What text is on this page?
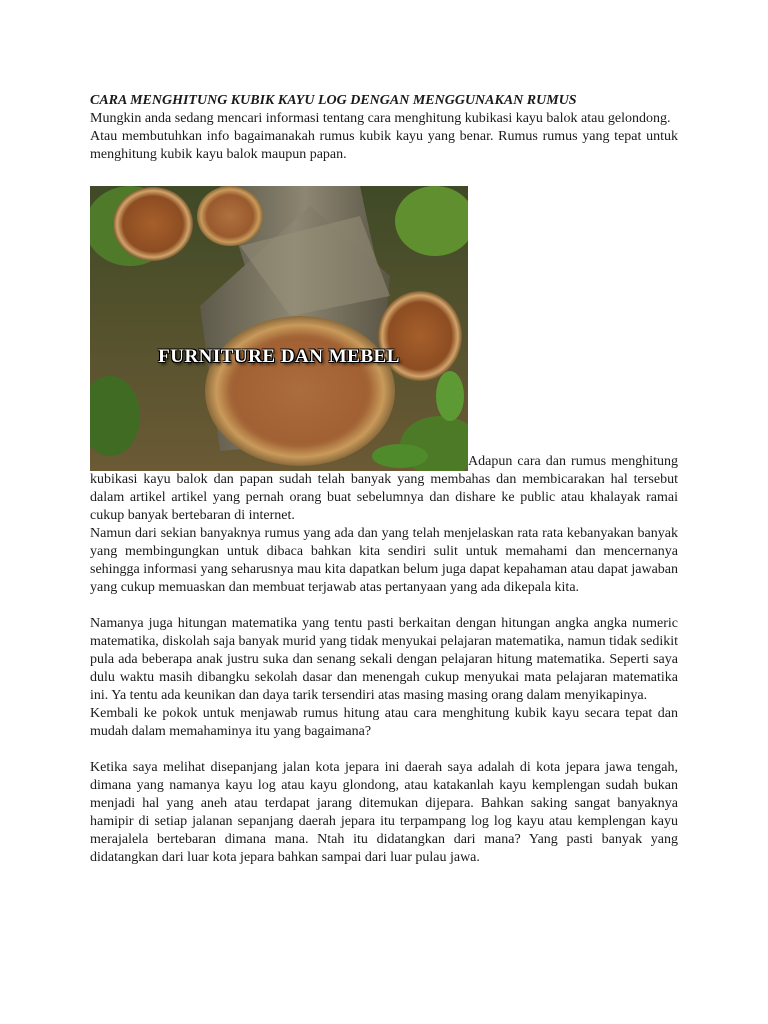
CARA MENGHITUNG KUBIK KAYU LOG DENGAN MENGGUNAKAN RUMUS

Mungkin anda sedang mencari informasi tentang cara menghitung kubikasi kayu balok atau gelondong.

Atau membutuhkan info bagaimanakah rumus kubik kayu yang benar. Rumus rumus yang tepat untuk menghitung kubik kayu balok maupun papan.

FURNITURE DAN MEBEL

Adapun cara dan rumus menghitung kubikasi kayu balok dan papan sudah telah banyak yang membahas dan membicarakan hal tersebut dalam artikel artikel yang pernah orang buat sebelumnya dan dishare ke public atau khalayak ramai cukup banyak bertebaran di internet.

Namun dari sekian banyaknya rumus yang ada dan yang telah menjelaskan rata rata kebanyakan banyak yang membingungkan untuk dibaca bahkan kita sendiri sulit untuk memahami dan mencernanya sehingga informasi yang seharusnya mau kita dapatkan belum juga dapat kepahaman atau dapat jawaban yang cukup memuaskan dan membuat terjawab atas pertanyaan yang ada dikepala kita.

Namanya juga hitungan matematika yang tentu pasti berkaitan dengan hitungan angka angka numeric matematika, diskolah saja banyak murid yang tidak menyukai pelajaran matematika, namun tidak sedikit pula ada beberapa anak justru suka dan senang sekali dengan pelajaran hitung matematika. Seperti saya dulu waktu masih dibangku sekolah dasar dan menengah cukup menyukai mata pelajaran matematika ini. Ya tentu ada keunikan dan daya tarik tersendiri atas masing masing orang dalam menyikapinya.

Kembali ke pokok untuk menjawab rumus hitung atau cara menghitung kubik kayu secara tepat dan mudah dalam memahaminya itu yang bagaimana?

Ketika saya melihat disepanjang jalan kota jepara ini daerah saya adalah di kota jepara jawa tengah, dimana yang namanya kayu log atau kayu glondong, atau katakanlah kayu kemplengan sudah bukan menjadi hal yang aneh atau terdapat jarang ditemukan dijepara. Bahkan saking sangat banyaknya hamipir di setiap jalanan sepanjang daerah jepara itu terpampang log log kayu atau kemplengan kayu merajalela bertebaran dimana mana. Ntah itu didatangkan dari mana? Yang pasti banyak yang didatangkan dari luar kota jepara bahkan sampai dari luar pulau jawa.
